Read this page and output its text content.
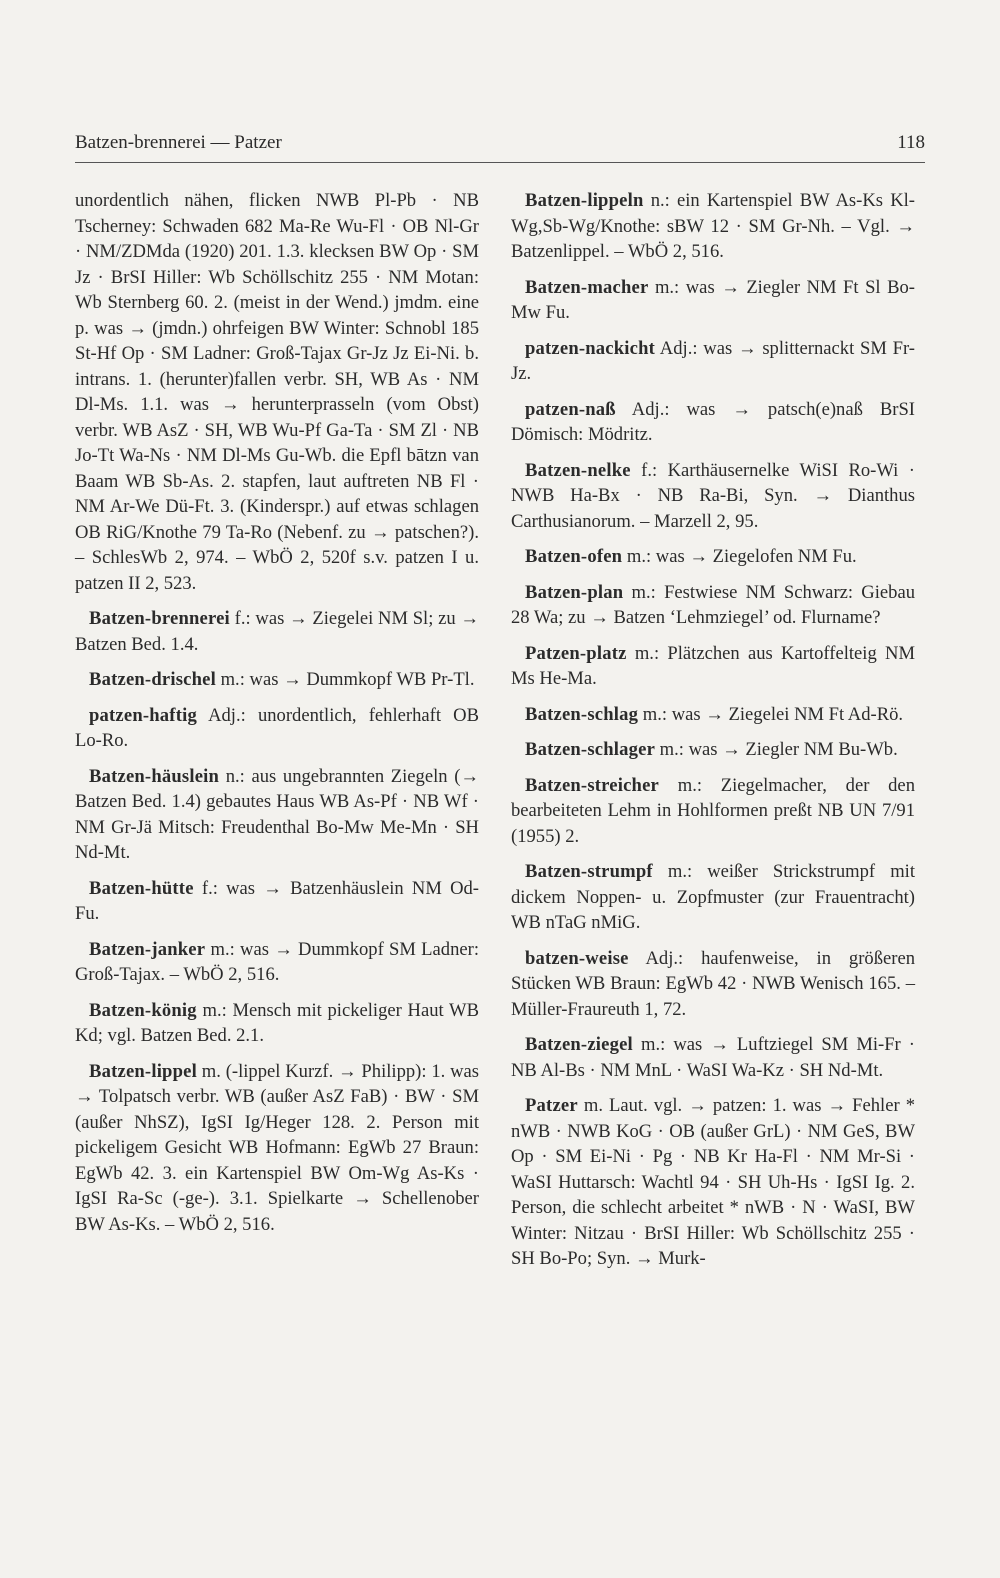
Batzen-brennerei — Patzer	118

unordentlich nähen, flicken NWB Pl-Pb · NB Tscherney: Schwaden 682 Ma-Re Wu-Fl · OB Nl-Gr · NM/ZDMda (1920) 201. 1.3. klecksen BW Op · SM Jz · BrSI Hiller: Wb Schöllschitz 255 · NM Motan: Wb Sternberg 60. 2. (meist in der Wend.) jmdm. eine p. was → (jmdn.) ohrfeigen BW Winter: Schnobl 185 St-Hf Op · SM Ladner: Groß-Tajax Gr-Jz Jz Ei-Ni. b. intrans. 1. (herunter)fallen verbr. SH, WB As · NM Dl-Ms. 1.1. was → herunterprasseln (vom Obst) verbr. WB AsZ · SH, WB Wu-Pf Ga-Ta · SM Zl · NB Jo-Tt Wa-Ns · NM Dl-Ms Gu-Wb. die Epfl bātzn van Baam WB Sb-As. 2. stapfen, laut auftreten NB Fl · NM Ar-We Dü-Ft. 3. (Kinderspr.) auf etwas schlagen OB RiG/Knothe 79 Ta-Ro (Nebenf. zu → patschen?). – SchlesWb 2, 974. – WbÖ 2, 520f s.v. patzen I u. patzen II 2, 523.

Batzen-brennerei f.: was → Ziegelei NM Sl; zu → Batzen Bed. 1.4.

Batzen-drischel m.: was → Dummkopf WB Pr-Tl.

patzen-haftig Adj.: unordentlich, fehlerhaft OB Lo-Ro.

Batzen-häuslein n.: aus ungebrannten Ziegeln (→ Batzen Bed. 1.4) gebautes Haus WB As-Pf · NB Wf · NM Gr-Jä Mitsch: Freudenthal Bo-Mw Me-Mn · SH Nd-Mt.

Batzen-hütte f.: was → Batzenhäuslein NM Od-Fu.

Batzen-janker m.: was → Dummkopf SM Ladner: Groß-Tajax. – WbÖ 2, 516.

Batzen-könig m.: Mensch mit pickeliger Haut WB Kd; vgl. Batzen Bed. 2.1.

Batzen-lippel m. (-lippel Kurzf. → Philipp): 1. was → Tolpatsch verbr. WB (außer AsZ FaB) · BW · SM (außer NhSZ), IgSI Ig/Heger 128. 2. Person mit pickeligem Gesicht WB Hofmann: EgWb 27 Braun: EgWb 42. 3. ein Kartenspiel BW Om-Wg As-Ks · IgSI Ra-Sc (-ge-). 3.1. Spielkarte → Schellenober BW As-Ks. – WbÖ 2, 516.

Batzen-lippeln n.: ein Kartenspiel BW As-Ks Kl-Wg,Sb-Wg/Knothe: sBW 12 · SM Gr-Nh. – Vgl. → Batzenlippel. – WbÖ 2, 516.

Batzen-macher m.: was → Ziegler NM Ft Sl Bo-Mw Fu.

patzen-nackicht Adj.: was → splitternackt SM Fr-Jz.

patzen-naß Adj.: was → patsch(e)naß BrSI Dömisch: Mödritz.

Batzen-nelke f.: Karthäusernelke WiSI Ro-Wi · NWB Ha-Bx · NB Ra-Bi, Syn. → Dianthus Carthusianorum. – Marzell 2, 95.

Batzen-ofen m.: was → Ziegelofen NM Fu.

Batzen-plan m.: Festwiese NM Schwarz: Giebau 28 Wa; zu → Batzen ‘Lehmziegel’ od. Flurname?

Patzen-platz m.: Plätzchen aus Kartoffelteig NM Ms He-Ma.

Batzen-schlag m.: was → Ziegelei NM Ft Ad-Rö.

Batzen-schlager m.: was → Ziegler NM Bu-Wb.

Batzen-streicher m.: Ziegelmacher, der den bearbeiteten Lehm in Hohlformen preßt NB UN 7/91 (1955) 2.

Batzen-strumpf m.: weißer Strickstrumpf mit dickem Noppen- u. Zopfmuster (zur Frauentracht) WB nTaG nMiG.

batzen-weise Adj.: haufenweise, in größeren Stücken WB Braun: EgWb 42 · NWB Wenisch 165. – Müller-Fraureuth 1, 72.

Batzen-ziegel m.: was → Luftziegel SM Mi-Fr · NB Al-Bs · NM MnL · WaSI Wa-Kz · SH Nd-Mt.

Patzer m. Laut. vgl. → patzen: 1. was → Fehler * nWB · NWB KoG · OB (außer GrL) · NM GeS, BW Op · SM Ei-Ni · Pg · NB Kr Ha-Fl · NM Mr-Si · WaSI Huttarsch: Wachtl 94 · SH Uh-Hs · IgSI Ig. 2. Person, die schlecht arbeitet * nWB · N · WaSI, BW Winter: Nitzau · BrSI Hiller: Wb Schöllschitz 255 · SH Bo-Po; Syn. → Murk-
